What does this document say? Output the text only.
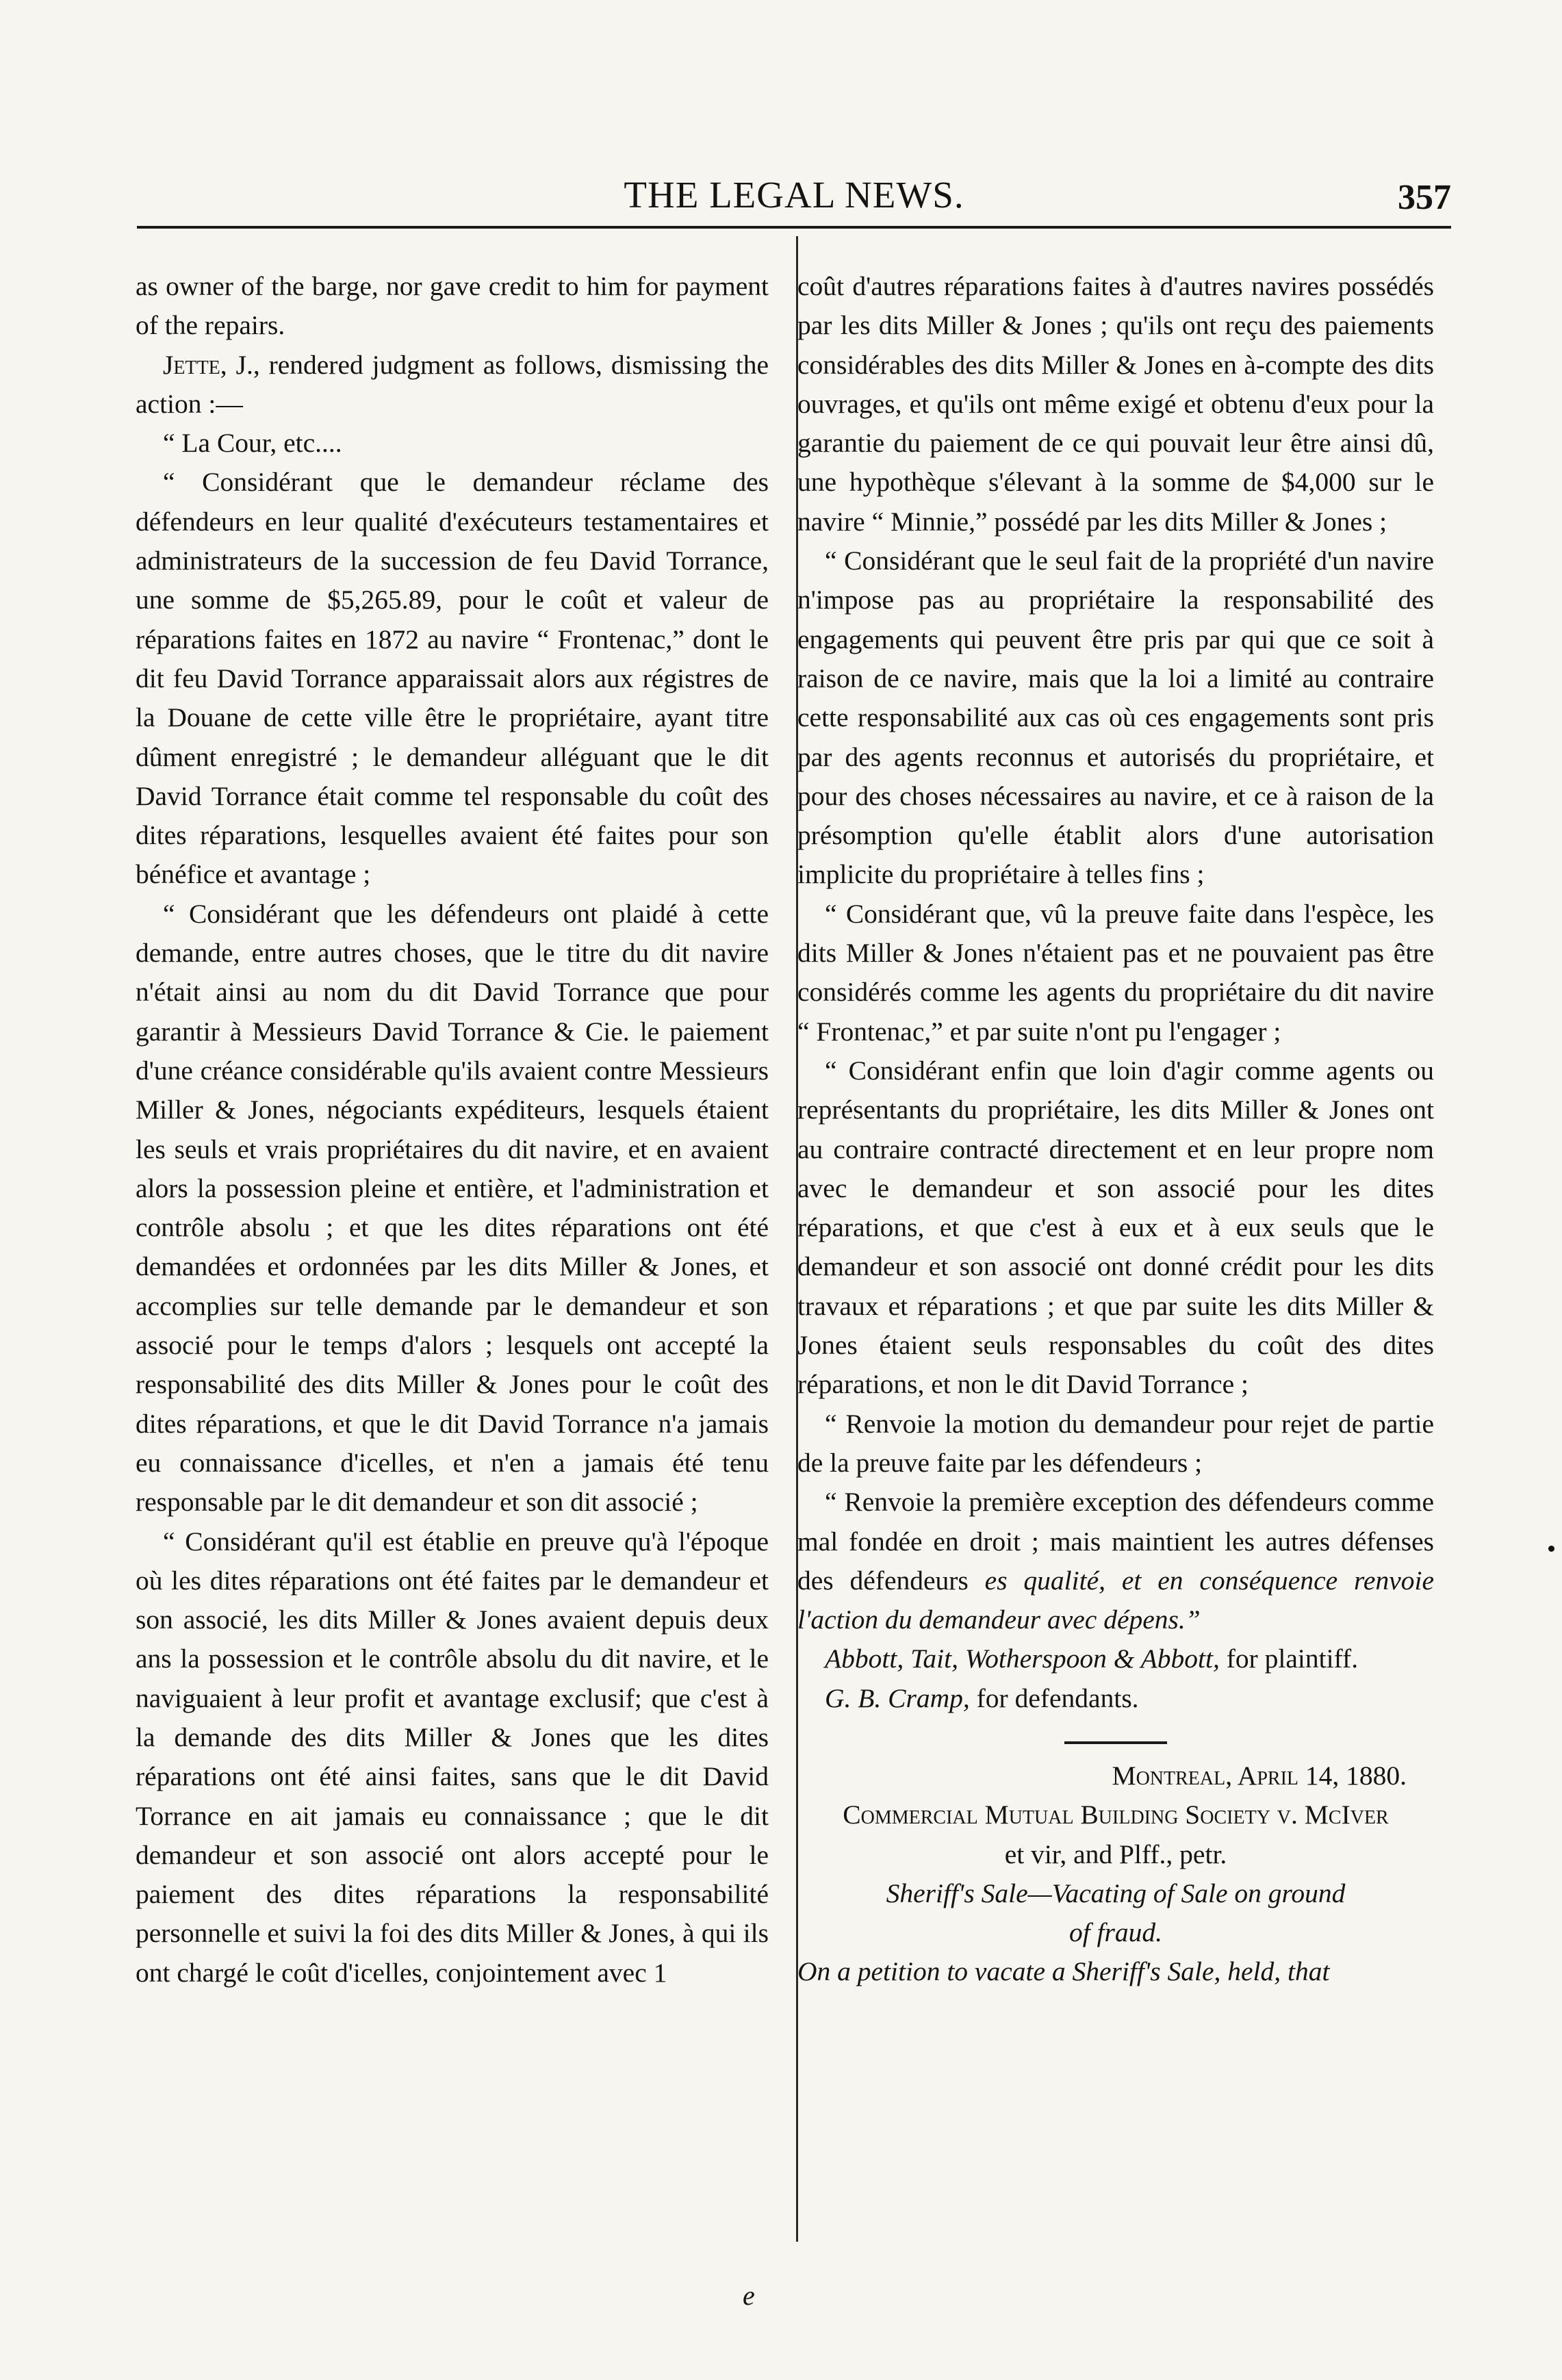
THE LEGAL NEWS.	357

as owner of the barge, nor gave credit to him for payment of the repairs.

Jette, J., rendered judgment as follows, dismissing the action :—

“ La Cour, etc....

“ Considérant que le demandeur réclame des défendeurs en leur qualité d'exécuteurs testamentaires et administrateurs de la succession de feu David Torrance, une somme de $5,265.89, pour le coût et valeur de réparations faites en 1872 au navire “ Frontenac,” dont le dit feu David Torrance apparaissait alors aux régistres de la Douane de cette ville être le propriétaire, ayant titre dûment enregistré ; le demandeur alléguant que le dit David Torrance était comme tel responsable du coût des dites réparations, lesquelles avaient été faites pour son bénéfice et avantage ;

“ Considérant que les défendeurs ont plaidé à cette demande, entre autres choses, que le titre du dit navire n'était ainsi au nom du dit David Torrance que pour garantir à Messieurs David Torrance & Cie. le paiement d'une créance considérable qu'ils avaient contre Messieurs Miller & Jones, négociants expéditeurs, lesquels étaient les seuls et vrais propriétaires du dit navire, et en avaient alors la possession pleine et entière, et l'administration et contrôle absolu ; et que les dites réparations ont été demandées et ordonnées par les dits Miller & Jones, et accomplies sur telle demande par le demandeur et son associé pour le temps d'alors ; lesquels ont accepté la responsabilité des dits Miller & Jones pour le coût des dites réparations, et que le dit David Torrance n'a jamais eu connaissance d'icelles, et n'en a jamais été tenu responsable par le dit demandeur et son dit associé ;

“ Considérant qu'il est établie en preuve qu'à l'époque où les dites réparations ont été faites par le demandeur et son associé, les dits Miller & Jones avaient depuis deux ans la possession et le contrôle absolu du dit navire, et le naviguaient à leur profit et avantage exclusif; que c'est à la demande des dits Miller & Jones que les dites réparations ont été ainsi faites, sans que le dit David Torrance en ait jamais eu connaissance ; que le dit demandeur et son associé ont alors accepté pour le paiement des dites réparations la responsabilité personnelle et suivi la foi des dits Miller & Jones, à qui ils ont chargé le coût d'icelles, conjointement avec 1

coût d'autres réparations faites à d'autres navires possédés par les dits Miller & Jones ; qu'ils ont reçu des paiements considérables des dits Miller & Jones en à-compte des dits ouvrages, et qu'ils ont même exigé et obtenu d'eux pour la garantie du paiement de ce qui pouvait leur être ainsi dû, une hypothèque s'élevant à la somme de $4,000 sur le navire “ Minnie,” possédé par les dits Miller & Jones ;

“ Considérant que le seul fait de la propriété d'un navire n'impose pas au propriétaire la responsabilité des engagements qui peuvent être pris par qui que ce soit à raison de ce navire, mais que la loi a limité au contraire cette responsabilité aux cas où ces engagements sont pris par des agents reconnus et autorisés du propriétaire, et pour des choses nécessaires au navire, et ce à raison de la présomption qu'elle établit alors d'une autorisation implicite du propriétaire à telles fins ;

“ Considérant que, vû la preuve faite dans l'espèce, les dits Miller & Jones n'étaient pas et ne pouvaient pas être considérés comme les agents du propriétaire du dit navire “ Frontenac,” et par suite n'ont pu l'engager ;

“ Considérant enfin que loin d'agir comme agents ou représentants du propriétaire, les dits Miller & Jones ont au contraire contracté directement et en leur propre nom avec le demandeur et son associé pour les dites réparations, et que c'est à eux et à eux seuls que le demandeur et son associé ont donné crédit pour les dits travaux et réparations ; et que par suite les dits Miller & Jones étaient seuls responsables du coût des dites réparations, et non le dit David Torrance ;

“ Renvoie la motion du demandeur pour rejet de partie de la preuve faite par les défendeurs ;

“ Renvoie la première exception des défendeurs comme mal fondée en droit ; mais maintient les autres défenses des défendeurs es qualité, et en conséquence renvoie l'action du demandeur avec dépens.”

Abbott, Tait, Wotherspoon & Abbott, for plaintiff.

G. B. Cramp, for defendants.

Montreal, April 14, 1880.

Commercial Mutual Building Society v. McIver

et vir, and Plff., petr.

Sheriff's Sale—Vacating of Sale on ground

of fraud.

On a petition to vacate a Sheriff's Sale, held, that

e
